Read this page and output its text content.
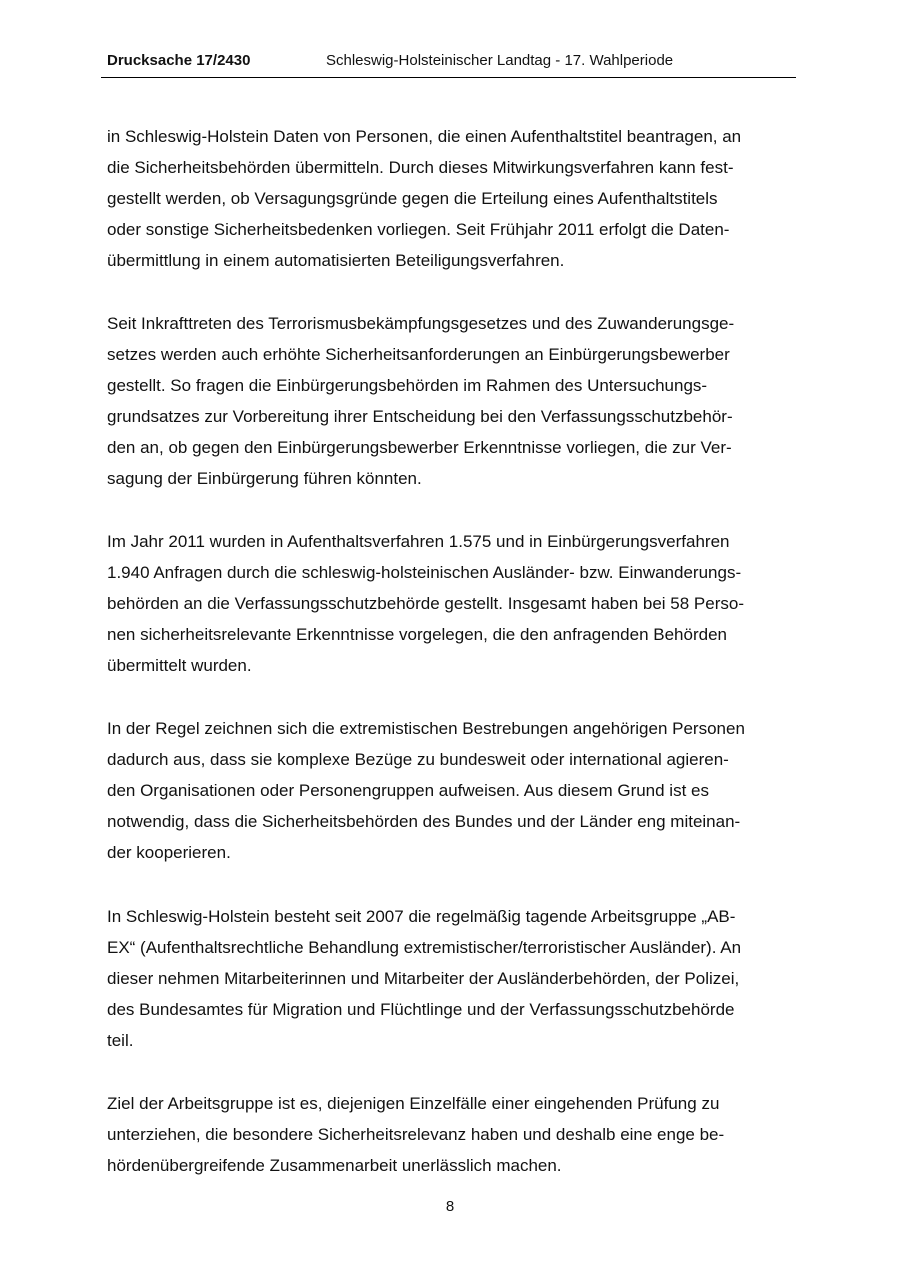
Drucksache 17/2430	Schleswig-Holsteinischer Landtag - 17. Wahlperiode
in Schleswig-Holstein Daten von Personen, die einen Aufenthaltstitel beantragen, an
die Sicherheitsbehörden übermitteln. Durch dieses Mitwirkungsverfahren kann fest-
gestellt werden, ob Versagungsgründe gegen die Erteilung eines Aufenthaltstitels
oder sonstige Sicherheitsbedenken vorliegen. Seit Frühjahr 2011 erfolgt die Daten-
übermittlung in einem automatisierten Beteiligungsverfahren.
Seit Inkrafttreten des Terrorismusbekämpfungsgesetzes und des Zuwanderungsge-
setzes werden auch erhöhte Sicherheitsanforderungen an Einbürgerungsbewerber
gestellt. So fragen die Einbürgerungsbehörden im Rahmen des Untersuchungs-
grundsatzes zur Vorbereitung ihrer Entscheidung bei den Verfassungsschutzbehör-
den an, ob gegen den Einbürgerungsbewerber Erkenntnisse vorliegen, die zur Ver-
sagung der Einbürgerung führen könnten.
Im Jahr 2011 wurden in Aufenthaltsverfahren 1.575 und in Einbürgerungsverfahren
1.940 Anfragen durch die schleswig-holsteinischen Ausländer- bzw. Einwanderungs-
behörden an die Verfassungsschutzbehörde gestellt. Insgesamt haben bei 58 Perso-
nen sicherheitsrelevante Erkenntnisse vorgelegen, die den anfragenden Behörden
übermittelt wurden.
In der Regel zeichnen sich die extremistischen Bestrebungen angehörigen Personen
dadurch aus, dass sie komplexe Bezüge zu bundesweit oder international agieren-
den Organisationen oder Personengruppen aufweisen. Aus diesem Grund ist es
notwendig, dass die Sicherheitsbehörden des Bundes und der Länder eng miteinan-
der kooperieren.
In Schleswig-Holstein besteht seit 2007 die regelmäßig tagende Arbeitsgruppe „AB-
EX“ (Aufenthaltsrechtliche Behandlung extremistischer/terroristischer Ausländer). An
dieser nehmen Mitarbeiterinnen und Mitarbeiter der Ausländerbehörden, der Polizei,
des Bundesamtes für Migration und Flüchtlinge und der Verfassungsschutzbehörde
teil.
Ziel der Arbeitsgruppe ist es, diejenigen Einzelfälle einer eingehenden Prüfung zu
unterziehen, die besondere Sicherheitsrelevanz haben und deshalb eine enge be-
hördenübergreifende Zusammenarbeit unerlässlich machen.
8
